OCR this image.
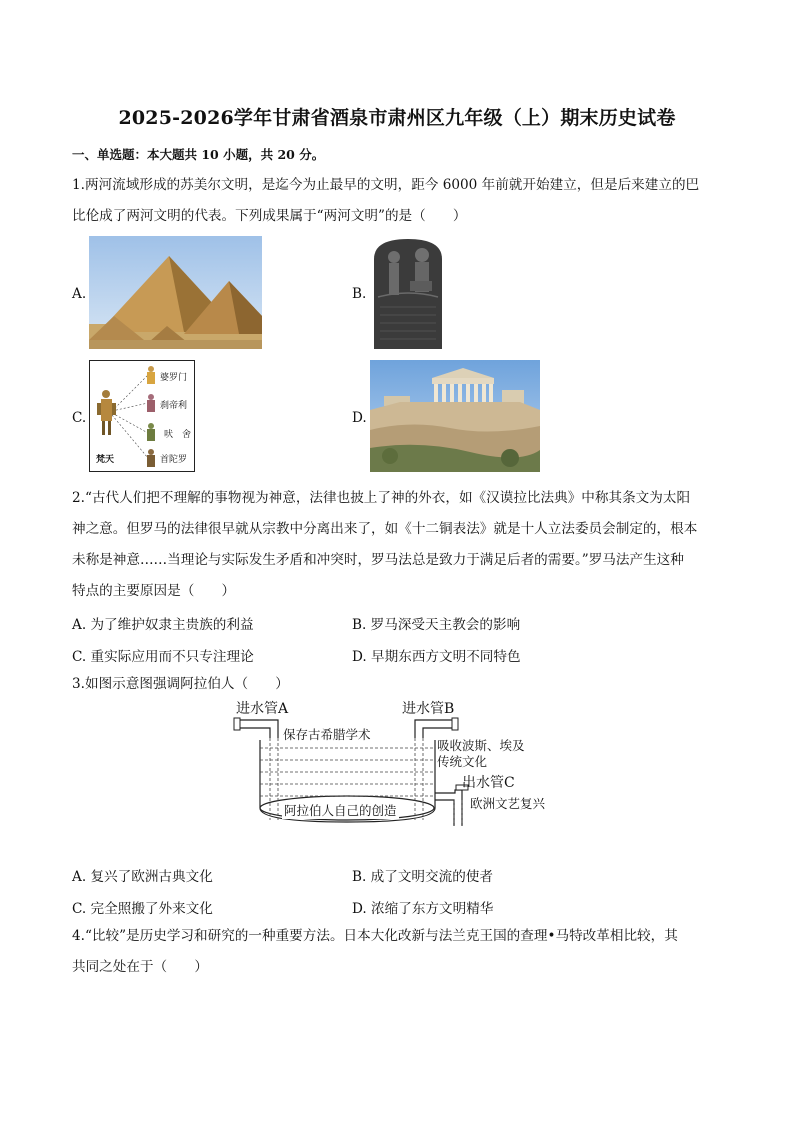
2025-2026学年甘肃省酒泉市肃州区九年级（上）期末历史试卷
一、单选题：本大题共 10 小题，共 20 分。
1.两河流域形成的苏美尔文明，是迄今为止最早的文明，距今 6000 年前就开始建立，但是后来建立的巴
比伦成了两河文明的代表。下列成果属于“两河文明”的是（　　）
A.	B.
C.
婆罗门
刹帝利
吠　舍
首陀罗
梵天
D.
2.“古代人们把不理解的事物视为神意，法律也披上了神的外衣，如《汉谟拉比法典》中称其条文为太阳
神之意。但罗马的法律很早就从宗教中分离出来了，如《十二铜表法》就是十人立法委员会制定的，根本
未称是神意……当理论与实际发生矛盾和冲突时，罗马法总是致力于满足后者的需要。”罗马法产生这种
特点的主要原因是（　　）
A. 为了维护奴隶主贵族的利益	B. 罗马深受天主教会的影响
C. 重实际应用而不只专注理论	D. 早期东西方文明不同特色
3.如图示意图强调阿拉伯人（　　）
进水管A	进水管B
出水管C
保存古希腊学术
吸收波斯、埃及
传统文化
欧洲文艺复兴
阿拉伯人自己的创造
A. 复兴了欧洲古典文化	B. 成了文明交流的使者
C. 完全照搬了外来文化	D. 浓缩了东方文明精华
4.“比较”是历史学习和研究的一种重要方法。日本大化改新与法兰克王国的查理•马特改革相比较，其
共同之处在于（　　）
